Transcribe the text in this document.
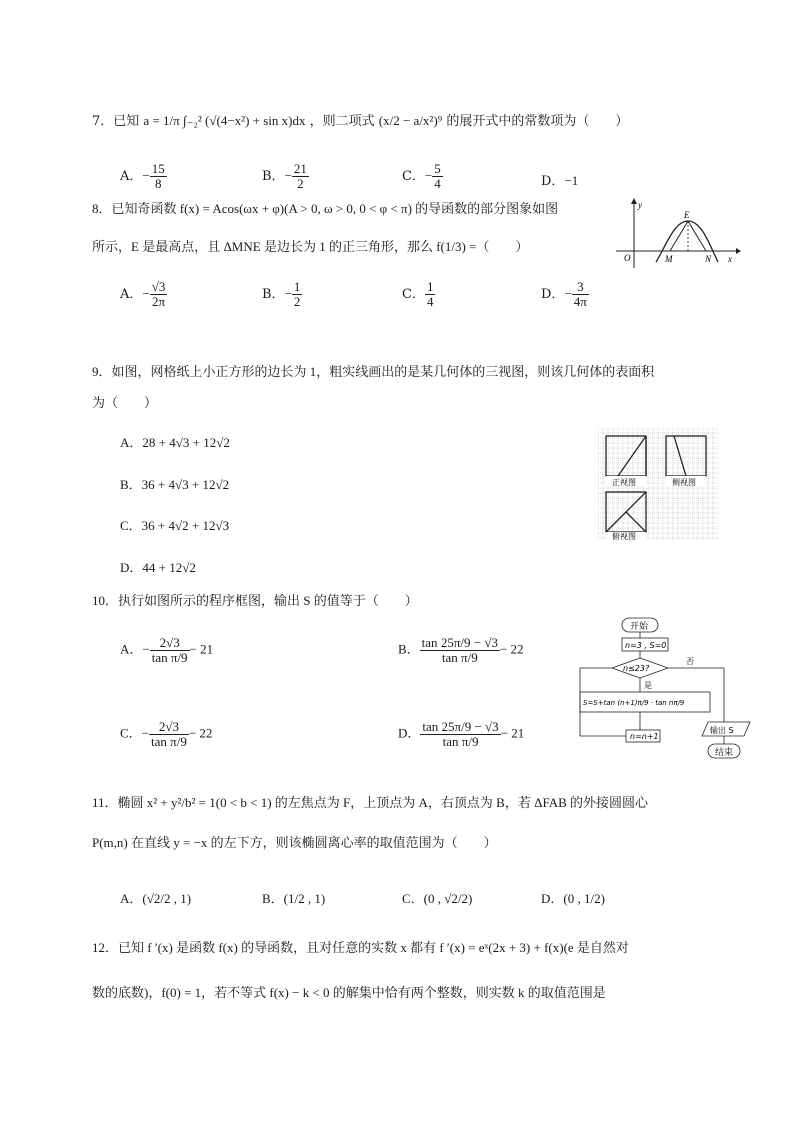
7．已知 a = 1/π ∫₋₂² (√(4−x²) + sin x)dx ，则二项式 (x/2 − a/x²)⁹ 的展开式中的常数项为（　　）
A．− $\frac{15}{8}$	B．− $\frac{21}{2}$	C．− $\frac{5}{4}$	D．−1
8．已知奇函数 f(x) = Acos(ωx + φ)(A > 0, ω > 0, 0 < φ < π) 的导函数的部分图象如图
所示，E 是最高点，且 ΔMNE 是边长为 1 的正三角形，那么 f(1/3) =（　　）
A．− $\frac{√3}{2\pi}$	B．− $\frac{1}{2}$	C． $\frac{1}{4}$	D．− $\frac{3}{4\pi}$
y
E
O	M	N x
9．如图，网格纸上小正方形的边长为 1，粗实线画出的是某几何体的三视图，则该几何体的表面积
为（　　）
A．28 + 4√3 + 12√2
B．36 + 4√3 + 12√2
C．36 + 4√2 + 12√3
D．44 + 12√2
正视图	侧视图
俯视图
10．执行如图所示的程序框图，输出 S 的值等于（　　）
A．− $\frac{2√3}{\text{tan π/9}} - 21$	B． $\frac{\tan 25\pi/9 - √3}{\text{tan π/9}} - 22$
C．− $\frac{2√3}{\text{tan π/9}} - 22$	D． $\frac{\tan 25\pi/9 - √3}{\text{tan π/9}} - 21$
开始
n=3 , S=0
n≤23?
否
是
S=S+tan (n+1)π/9 · tan nπ/9
n=n+1
输出 S
结束
11．椭圆 x² + y²/b² = 1(0 < b < 1) 的左焦点为 F，上顶点为 A，右顶点为 B，若 ΔFAB 的外接圆圆心
P(m,n) 在直线 y = −x 的左下方，则该椭圆离心率的取值范围为（　　）
A．(√2/2 , 1)	B．(1/2 , 1)	C．(0 , √2/2)	D．(0 , 1/2)
12．已知 f ′(x) 是函数 f(x) 的导函数，且对任意的实数 x 都有 f ′(x) = eˣ(2x + 3) + f(x)(e 是自然对
数的底数)，f(0) = 1，若不等式 f(x) − k < 0 的解集中恰有两个整数，则实数 k 的取值范围是
